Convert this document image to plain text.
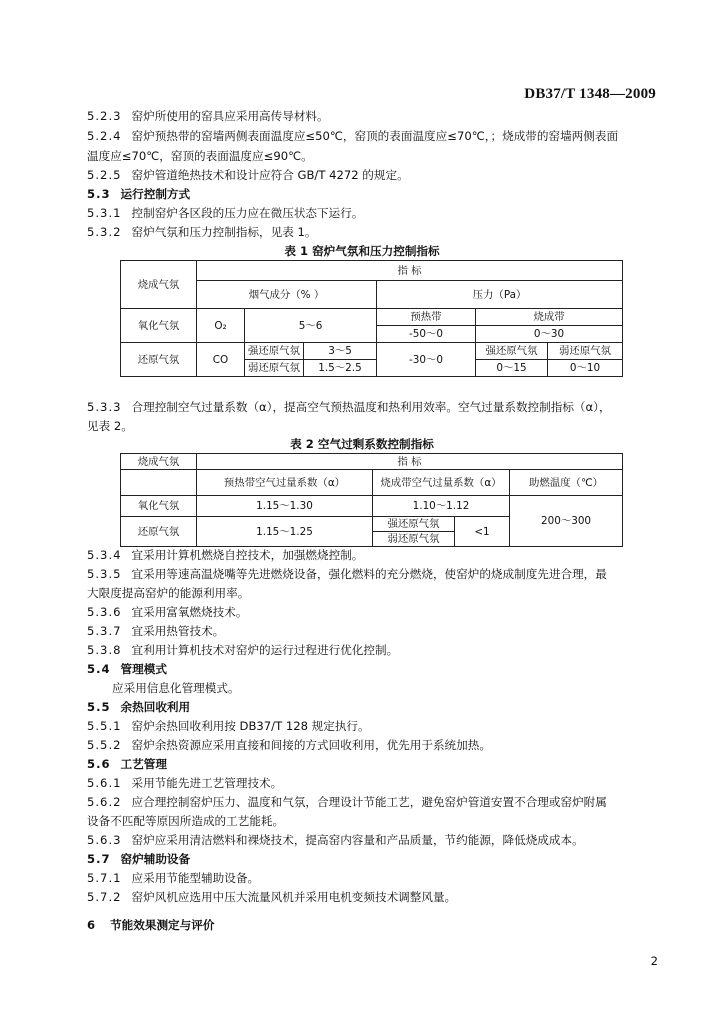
DB37/T 1348—2009
5.2.3 窑炉所使用的窑具应采用高传导材料。
5.2.4 窑炉预热带的窑墙两侧表面温度应≤50℃，窑顶的表面温度应≤70℃，；烧成带的窑墙两侧表面
温度应≤70℃，窑顶的表面温度应≤90℃。
5.2.5 窑炉管道绝热技术和设计应符合 GB/T 4272 的规定。
5.3 运行控制方式
5.3.1 控制窑炉各区段的压力应在微压状态下运行。
5.3.2 窑炉气氛和压力控制指标，见表 1。
表 1 窑炉气氛和压力控制指标
烧成气氛	指 标					
	烟气成分（% ）			压力（Pa）		
氧化气氛	O₂	5～6		预热带	烧成带	
				-50～0	0～30	
还原气氛	CO	强还原气氛	3～5	-30～0	强还原气氛	弱还原气氛
		弱还原气氛	1.5～2.5		0～15	0～10
5.3.3 合理控制空气过量系数（α），提高空气预热温度和热利用效率。空气过量系数控制指标（α），
见表 2。
表 2 空气过剩系数控制指标
烧成气氛	指 标			
	预热带空气过量系数（α）	烧成带空气过量系数（α）		助燃温度（℃）
氧化气氛	1.15～1.30	1.10～1.12		200～300
还原气氛	1.15～1.25	强还原气氛	<1	
		弱还原气氛		
5.3.4 宜采用计算机燃烧自控技术，加强燃烧控制。
5.3.5 宜采用等速高温烧嘴等先进燃烧设备，强化燃料的充分燃烧，使窑炉的烧成制度先进合理，最
大限度提高窑炉的能源利用率。
5.3.6 宜采用富氧燃烧技术。
5.3.7 宜采用热管技术。
5.3.8 宜利用计算机技术对窑炉的运行过程进行优化控制。
5.4 管理模式
应采用信息化管理模式。
5.5 余热回收利用
5.5.1 窑炉余热回收利用按 DB37/T 128 规定执行。
5.5.2 窑炉余热资源应采用直接和间接的方式回收利用，优先用于系统加热。
5.6 工艺管理
5.6.1 采用节能先进工艺管理技术。
5.6.2 应合理控制窑炉压力、温度和气氛，合理设计节能工艺，避免窑炉管道安置不合理或窑炉附属
设备不匹配等原因所造成的工艺能耗。
5.6.3 窑炉应采用清洁燃料和裸烧技术，提高窑内容量和产品质量，节约能源，降低烧成成本。
5.7 窑炉辅助设备
5.7.1 应采用节能型辅助设备。
5.7.2 窑炉风机应选用中压大流量风机并采用电机变频技术调整风量。
6 节能效果测定与评价
2
